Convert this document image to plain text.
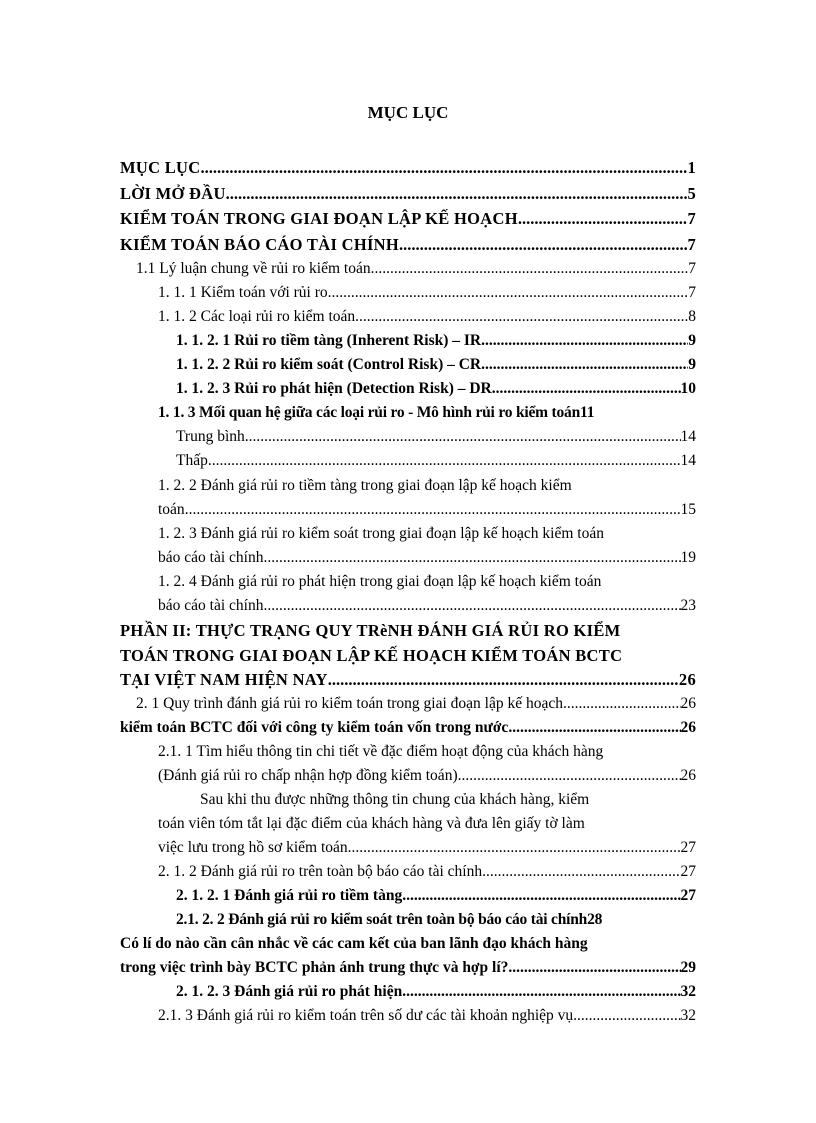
MỤC LỤC
MỤC LỤC .....	1
LỜI MỞ ĐẦU .....	5
KIỂM TOÁN TRONG GIAI ĐOẠN LẬP KẾ HOẠCH .....	7
KIỂM TOÁN BÁO CÁO TÀI CHÍNH .....	7
1.1 Lý luận chung về rủi ro kiểm toán .....	7
1. 1. 1 Kiểm toán với rủi ro .....	7
1. 1. 2 Các loại rủi ro kiểm toán .....	8
1. 1. 2. 1 Rủi ro tiềm tàng (Inherent Risk) – IR .....	9
1. 1. 2. 2 Rủi ro kiểm soát (Control Risk) – CR .....	9
1. 1. 2. 3 Rủi ro phát hiện (Detection Risk) – DR .....	10
1. 1. 3 Mối quan hệ giữa các loại rủi ro - Mô hình rủi ro kiểm toán 11
Trung bình .....	14
Thấp .....	14
1. 2. 2 Đánh giá rủi ro tiềm tàng trong giai đoạn lập kế hoạch kiểm
toán .....	15
1. 2. 3 Đánh giá rủi ro kiểm soát trong giai đoạn lập kế hoạch kiểm toán
báo cáo tài chính .....	19
1. 2. 4 Đánh giá rủi ro phát hiện trong giai đoạn lập kế hoạch kiểm toán
báo cáo tài chính .....	23
PHẦN II: THỰC TRẠNG QUY TRèNH ĐÁNH GIÁ RỦI RO KIỂM
TOÁN TRONG GIAI ĐOẠN LẬP KẾ HOẠCH KIỂM TOÁN BCTC
TẠI VIỆT NAM HIỆN NAY .....	26
2. 1 Quy trình đánh giá rủi ro kiểm toán trong giai đoạn lập kế hoạch .....	26
kiểm toán BCTC đối với công ty kiểm toán vốn trong nước .....	26
2.1. 1 Tìm hiểu thông tin chi tiết về đặc điểm hoạt động của khách hàng
(Đánh giá rủi ro chấp nhận hợp đồng kiểm toán) .....	26
Sau khi thu được những thông tin chung của khách hàng, kiểm
toán viên tóm tắt lại đặc điểm của khách hàng và đưa lên giấy tờ làm
việc lưu trong hồ sơ kiểm toán. .....	27
2. 1. 2 Đánh giá rủi ro trên toàn bộ báo cáo tài chính .....	27
2. 1. 2. 1 Đánh giá rủi ro tiềm tàng .....	27
2.1. 2. 2 Đánh giá rủi ro kiểm soát trên toàn bộ báo cáo tài chính 28
Có lí do nào cần cân nhắc về các cam kết của ban lãnh đạo khách hàng
trong việc trình bày BCTC phản ánh trung thực và hợp lí? .....	29
2. 1. 2. 3 Đánh giá rủi ro phát hiện .....	32
2.1. 3 Đánh giá rủi ro kiểm toán trên số dư các tài khoản nghiệp vụ .....	32
